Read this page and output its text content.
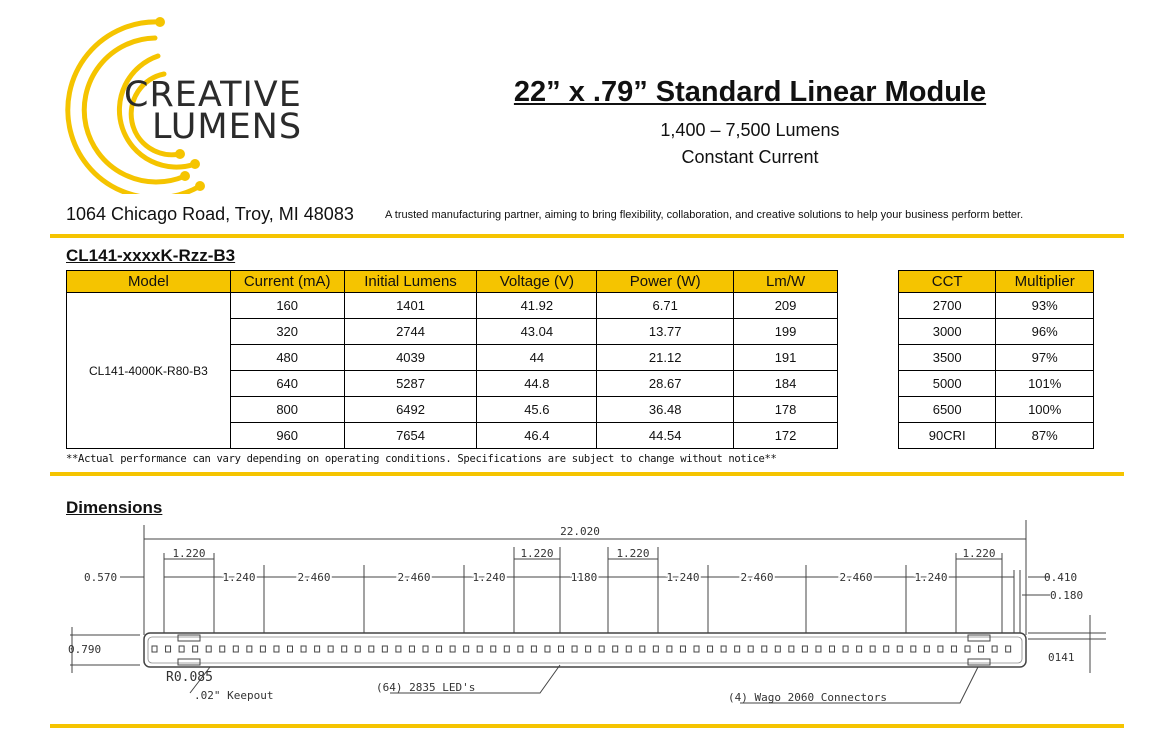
CREATIVE
LUMENS
22” x .79” Standard Linear Module
1,400 – 7,500 Lumens
Constant Current
1064 Chicago Road, Troy, MI 48083	A trusted manufacturing partner, aiming to bring flexibility, collaboration, and creative solutions to help your business perform better.
CL141-xxxxK-Rzz-B3
Model	Current (mA)	Initial Lumens	Voltage (V)	Power (W)	Lm/W
CL141-4000K-R80-B3	160	1401	41.92	6.71	209
	320	2744	43.04	13.77	199
	480	4039	44	21.12	191
	640	5287	44.8	28.67	184
	800	6492	45.6	36.48	178
	960	7654	46.4	44.54	172
CCT	Multiplier
2700	93%
3000	96%
3500	97%
5000	101%
6500	100%
90CRI	87%
**Actual performance can vary depending on operating conditions. Specifications are subject to change without notice**
Dimensions
22.020
0.570
1.220	1.220	1.220	1.220
1.240	2.460	2.460	1.240	1180	1.240	2.460	2.460	1.240	0.410
0.180
0.790
0141
R0.085
.02" Keepout
(64) 2835 LED's
(4) Wago 2060 Connectors
